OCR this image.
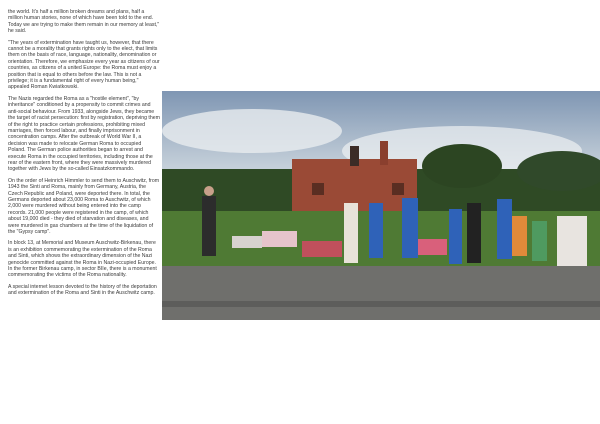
the world. It's half a million broken dreams and plans, half a million human stories, none of which have been told to the end. Today we are trying to make them remain in our memory at least," he said.

"The years of extermination have taught us, however, that there cannot be a morality that grants rights only to the elect, that limits them on the basis of race, language, nationality, denomination or orientation. Therefore, we emphasize every year as citizens of our countries, as citizens of a united Europe: the Roma must enjoy a position that is equal to others before the law. This is not a privilege; it is a fundamental right of every human being," appealed Roman Kwiatkowski.

The Nazis regarded the Roma as a "hostile element", "by inheritance" conditioned by a propensity to commit crimes and anti-social behaviour. From 1933, alongside Jews, they became the target of racist persecution: first by registration, depriving them of the right to practice certain professions, prohibiting mixed marriages, then forced labour, and finally imprisonment in concentration camps. After the outbreak of World War II, a decision was made to relocate German Roma to occupied Poland. The German police authorities began to arrest and execute Roma in the occupied territories, including those at the rear of the eastern front, where they were massively murdered together with Jews by the so-called Einsatzkommando.

On the order of Heinrich Himmler to send them to Auschwitz, from 1943 the Sinti and Roma, mainly from Germany, Austria, the Czech Republic and Poland, were deported there. In total, the Germans deported about 23,000 Roma to Auschwitz, of which 2,000 were murdered without being entered into the camp records. 21,000 people were registered in the camp, of which about 19,000 died - they died of starvation and diseases, and were murdered in gas chambers at the time of the liquidation of the "Gypsy camp".

In block 13, at Memorial and Museum Auschwitz-Birkenau, there is an exhibition commemorating the extermination of the Roma and Sinti, which shows the extraordinary dimension of the Nazi genocide committed against the Roma in Nazi-occupied Europe. In the former Birkenau camp, in sector BIIe, there is a monument commemorating the victims of the Roma nationality.

A special internet lesson devoted to the history of the deportation and extermination of the Roma and Sinti in the Auschwitz camp.
